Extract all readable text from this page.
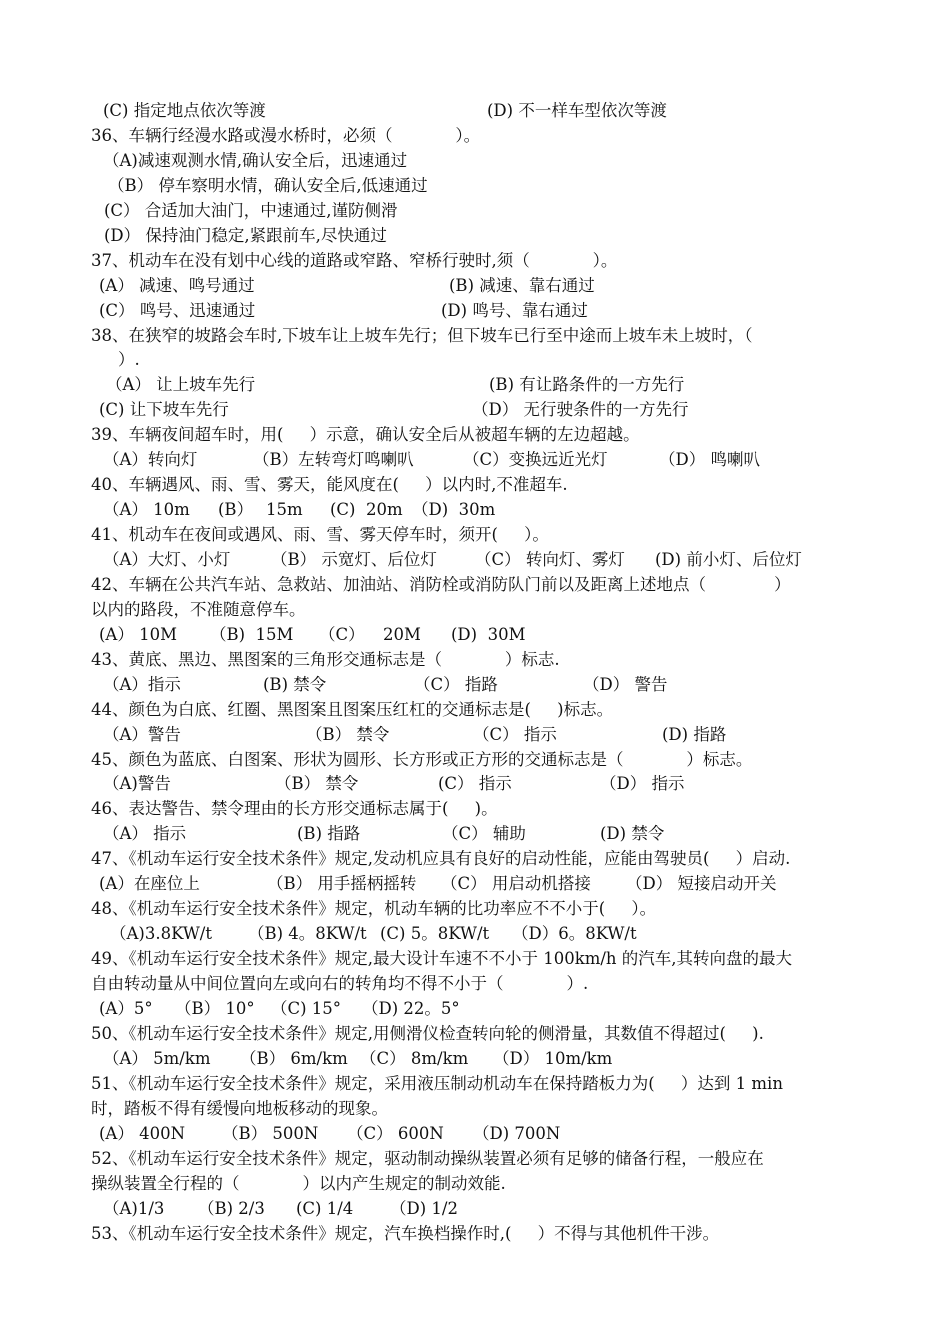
(C) 指定地点依次等渡	(D) 不一样车型依次等渡
36、车辆行经漫水路或漫水桥时，必须（            ）。
（A)减速观测水情,确认安全后，迅速通过
（B） 停车察明水情，确认安全后,低速通过
(C） 合适加大油门，中速通过,谨防侧滑
(D） 保持油门稳定,紧跟前车,尽快通过
37、机动车在没有划中心线的道路或窄路、窄桥行驶时,须（            ）。
(A） 减速、鸣号通过	(B) 减速、靠右通过
(C） 鸣号、迅速通过	(D) 鸣号、靠右通过
38、在狭窄的坡路会车时,下坡车让上坡车先行；但下坡车已行至中途而上坡车未上坡时，（
）.
（A） 让上坡车先行	(B) 有让路条件的一方先行
(C) 让下坡车先行	（D） 无行驶条件的一方先行
39、车辆夜间超车时，用(     ）示意，确认安全后从被超车辆的左边超越。
（A）转向灯	（B）左转弯灯鸣喇叭	（C）变换远近光灯	（D） 鸣喇叭
40、车辆遇风、雨、雪、雾天，能风度在(     ）以内时,不准超车.
（A） 10m (B） 15m (C)  20m （D)  30m
41、机动车在夜间或遇风、雨、雪、雾天停车时，须开(     ）。
（A）大灯、小灯 （B） 示宽灯、后位灯 （C） 转向灯、雾灯 (D) 前小灯、后位灯
42、车辆在公共汽车站、急救站、加油站、消防栓或消防队门前以及距离上述地点（             ）
以内的路段，不准随意停车。
(A） 10M （B)  15M （C） 20M (D)  30M
43、黄底、黑边、黑图案的三角形交通标志是（            ）标志.
（A）指示	(B) 禁令	（C） 指路	（D） 警告
44、颜色为白底、红圈、黑图案且图案压红杠的交通标志是(     )标志。
（A）警告	（B） 禁令	（C） 指示	(D) 指路
45、颜色为蓝底、白图案、形状为圆形、长方形或正方形的交通标志是（            ）标志。
（A)警告	（B） 禁令	(C） 指示	（D） 指示
46、表达警告、禁令理由的长方形交通标志属于(     )。
（A） 指示	(B) 指路	（C） 辅助	(D) 禁令
47、《机动车运行安全技术条件》规定,发动机应具有良好的启动性能，应能由驾驶员(     ）启动.
(A）在座位上	（B） 用手摇柄摇转 （C） 用启动机搭接 （D） 短接启动开关
48、《机动车运行安全技术条件》规定，机动车辆的比功率应不不小于(     ）。
（A)3.8KW/t （B) 4。8KW/t (C) 5。8KW/t （D）6。8KW/t
49、《机动车运行安全技术条件》规定,最大设计车速不不小于 100km/h 的汽车,其转向盘的最大
自由转动量从中间位置向左或向右的转角均不得不小于（            ）.
(A）5° （B） 10° （C) 15° （D) 22。5°
50、《机动车运行安全技术条件》规定,用侧滑仪检查转向轮的侧滑量，其数值不得超过(     ).
（A） 5m/km （B） 6m/km （C） 8m/km （D） 10m/km
51、《机动车运行安全技术条件》规定，采用液压制动机动车在保持踏板力为(     ）达到 1 min
时，踏板不得有缓慢向地板移动的现象。
(A） 400N （B） 500N （C） 600N （D) 700N
52、《机动车运行安全技术条件》规定，驱动制动操纵装置必须有足够的储备行程，一般应在
操纵装置全行程的（            ）以内产生规定的制动效能.
（A)1/3 （B) 2/3 (C) 1/4 （D) 1/2
53、《机动车运行安全技术条件》规定，汽车换档操作时,(     ）不得与其他机件干涉。
